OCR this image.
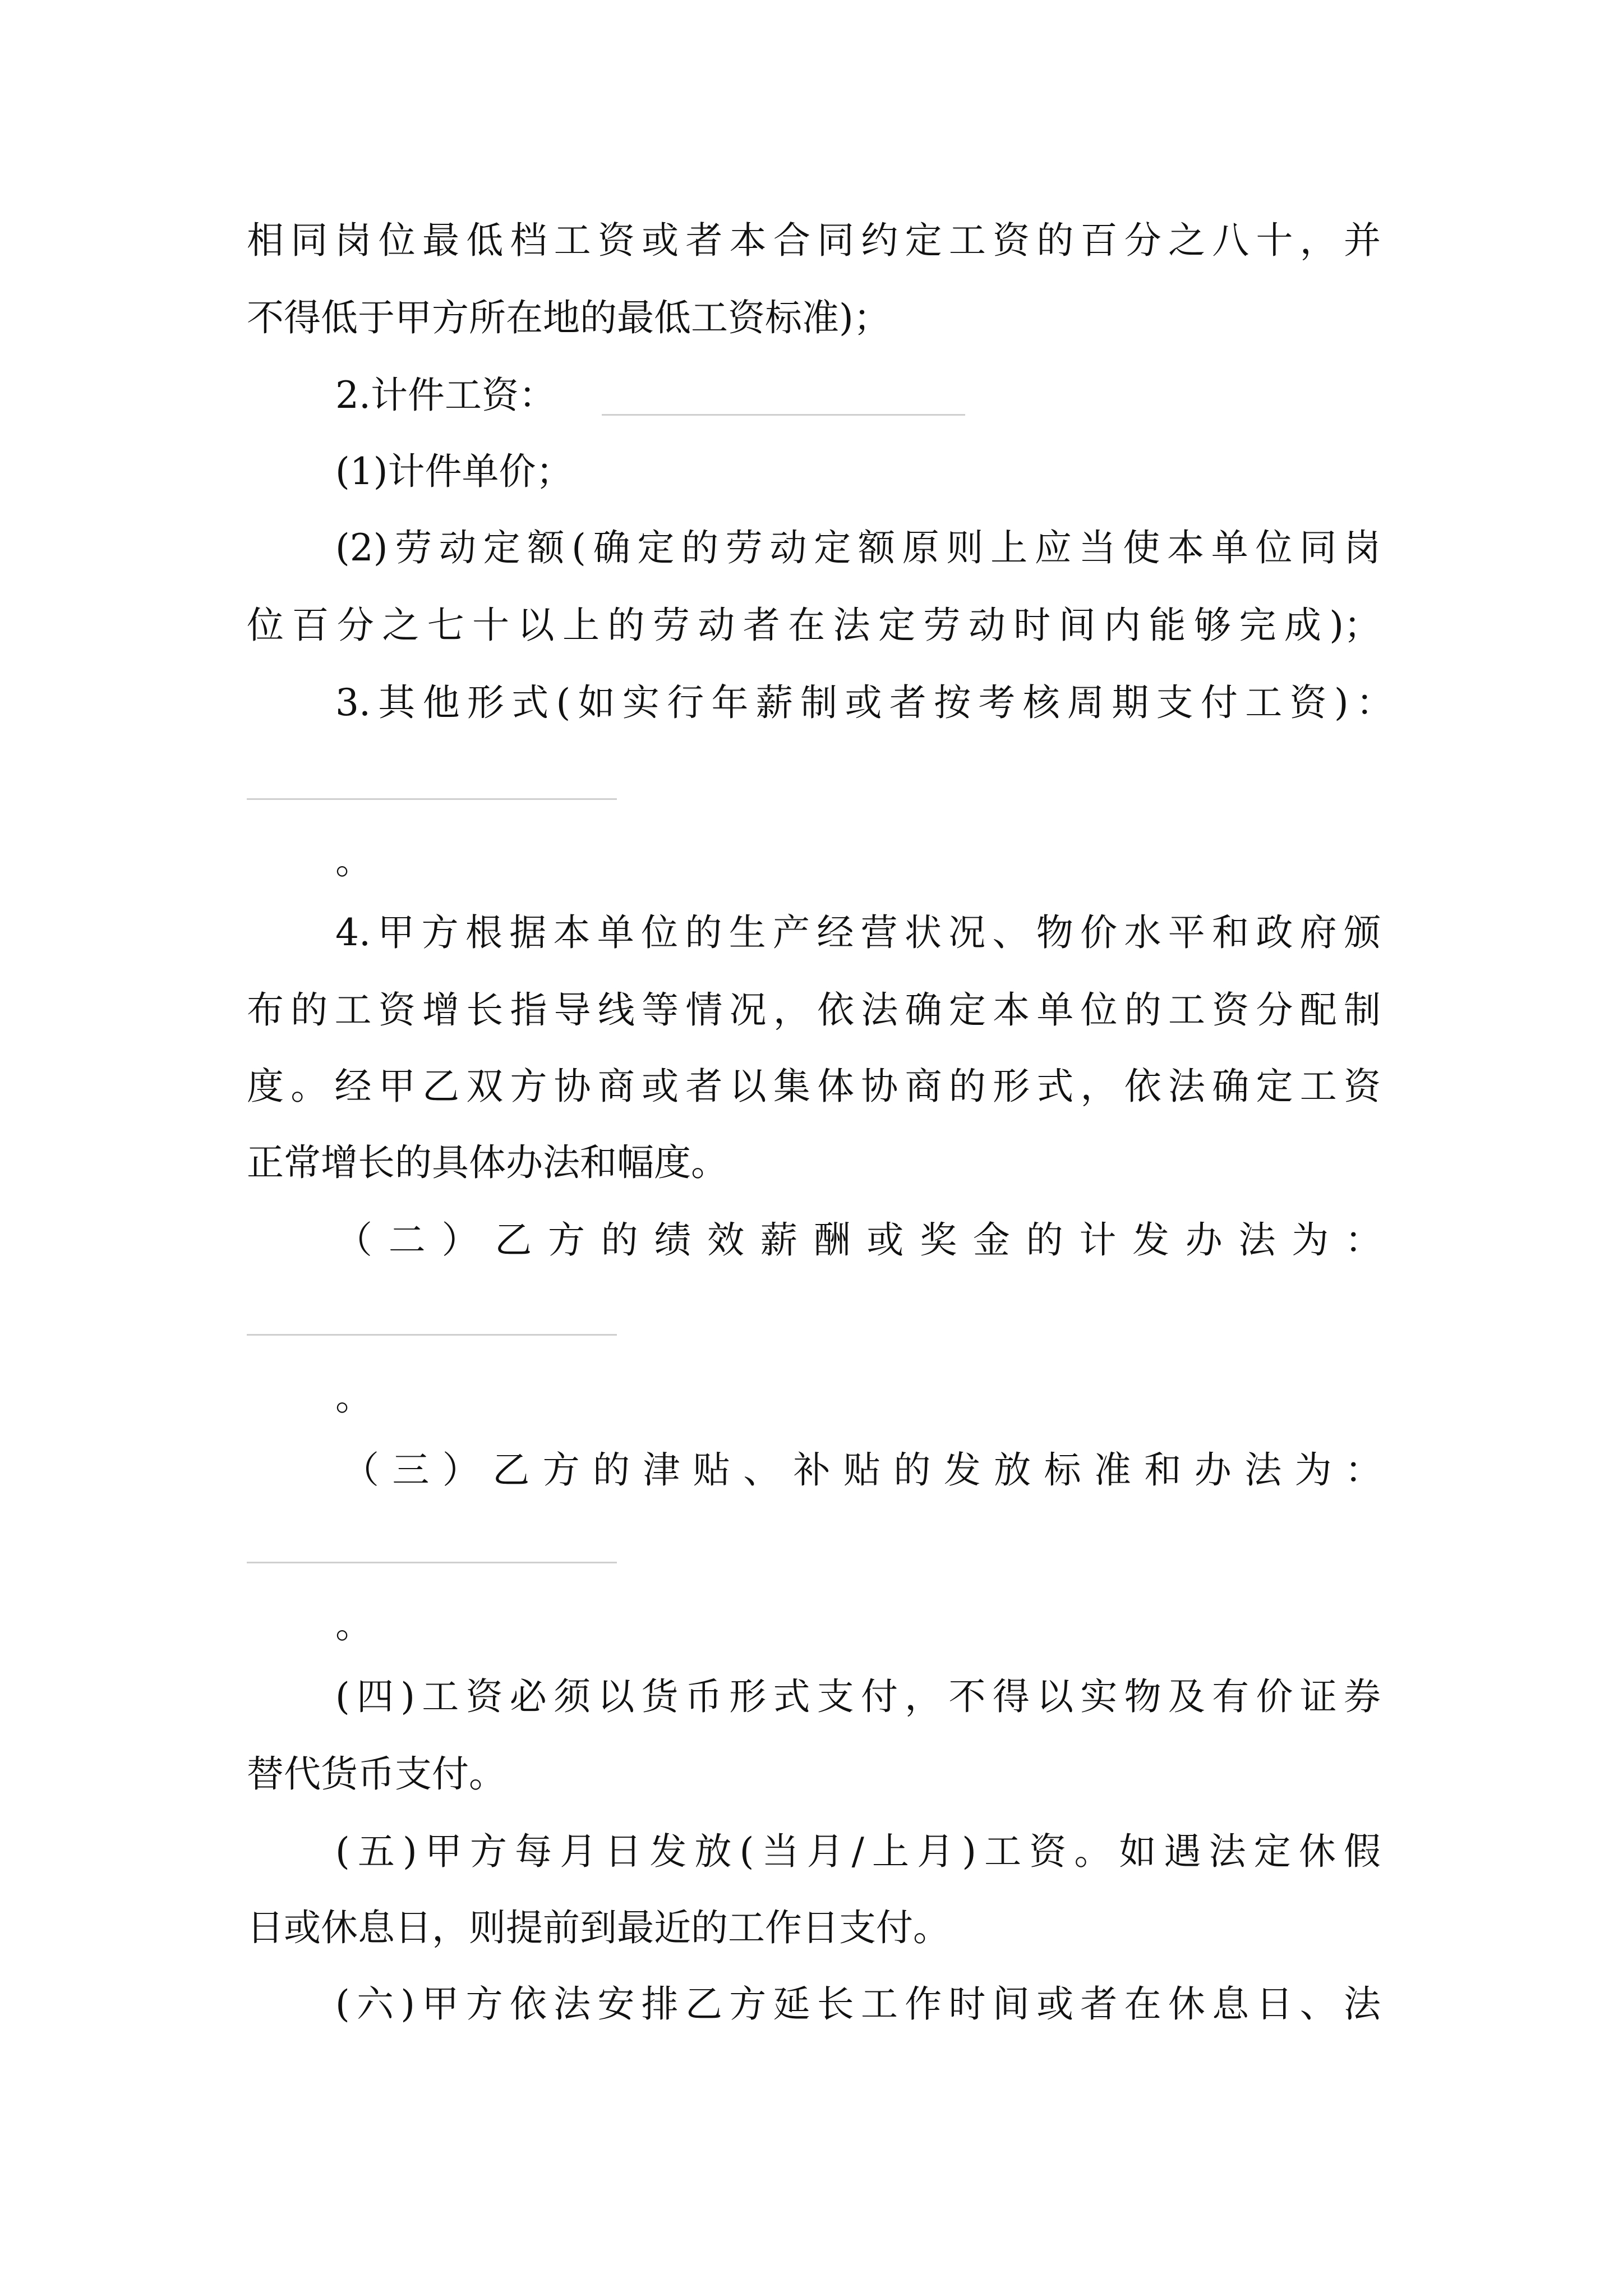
相同岗位最低档工资或者本合同约定工资的百分之八十，并
不得低于甲方所在地的最低工资标准)；
2.计件工资：
(1)计件单价；
(2)劳动定额(确定的劳动定额原则上应当使本单位同岗
位百分之七十以上的劳动者在法定劳动时间内能够完成)；
3.其他形式(如实行年薪制或者按考核周期支付工资)：
。
4.甲方根据本单位的生产经营状况、物价水平和政府颁
布的工资增长指导线等情况，依法确定本单位的工资分配制
度。经甲乙双方协商或者以集体协商的形式，依法确定工资
正常增长的具体办法和幅度。
（二）乙方的绩效薪酬或奖金的计发办法为：
。
（三）乙方的津贴、补贴的发放标准和办法为：
。
(四)工资必须以货币形式支付，不得以实物及有价证券
替代货币支付。
(五)甲方每月日发放(当月/上月)工资。如遇法定休假
日或休息日，则提前到最近的工作日支付。
(六)甲方依法安排乙方延长工作时间或者在休息日、法
